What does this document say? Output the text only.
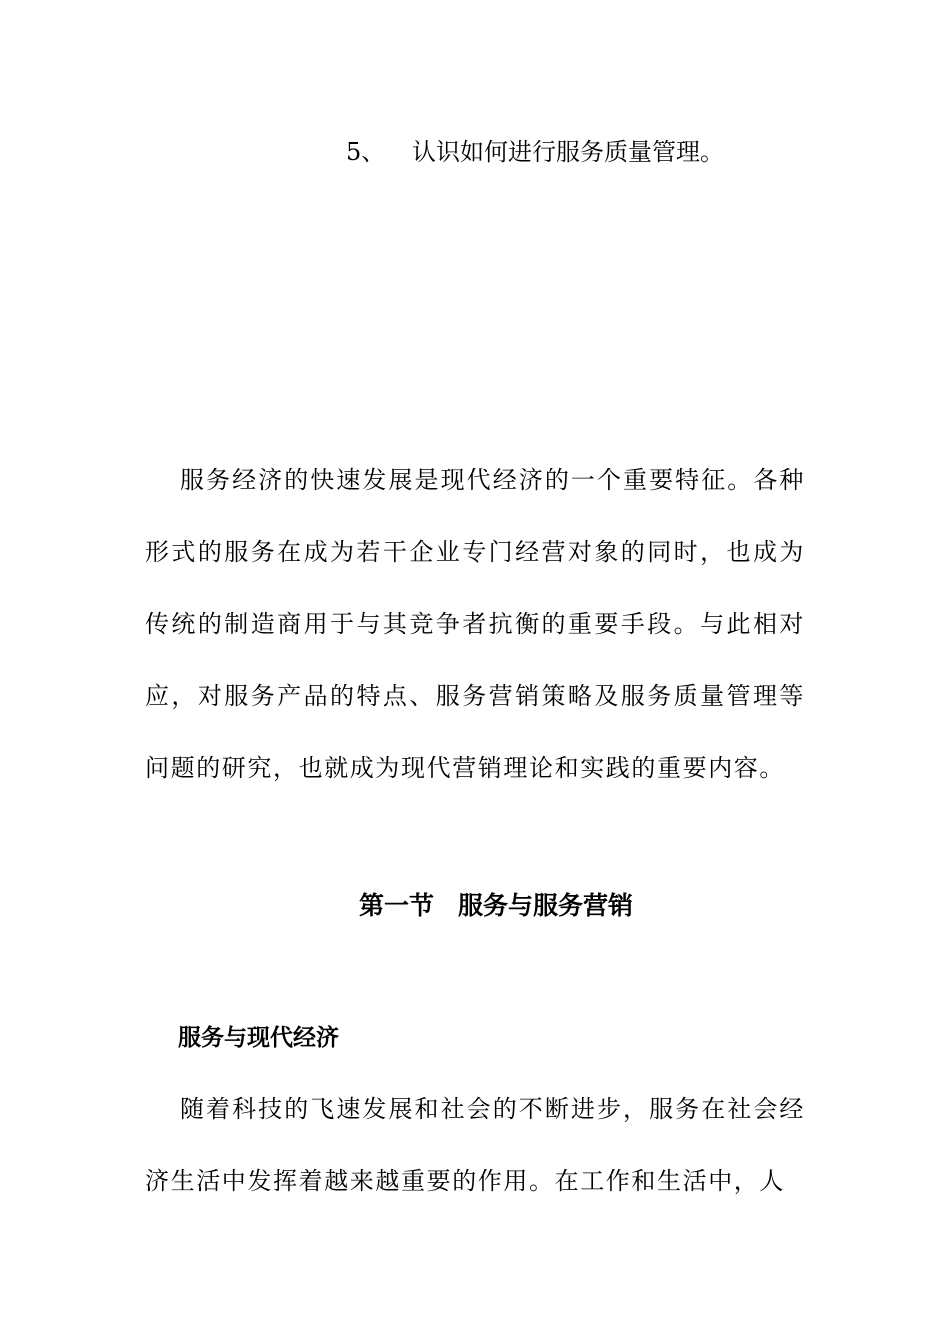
5、 认识如何进行服务质量管理。

服务经济的快速发展是现代经济的一个重要特征。各种形式的服务在成为若干企业专门经营对象的同时，也成为传统的制造商用于与其竞争者抗衡的重要手段。与此相对应，对服务产品的特点、服务营销策略及服务质量管理等问题的研究，也就成为现代营销理论和实践的重要内容。

第一节 服务与服务营销
服务与现代经济

随着科技的飞速发展和社会的不断进步，服务在社会经济生活中发挥着越来越重要的作用。在工作和生活中，人
